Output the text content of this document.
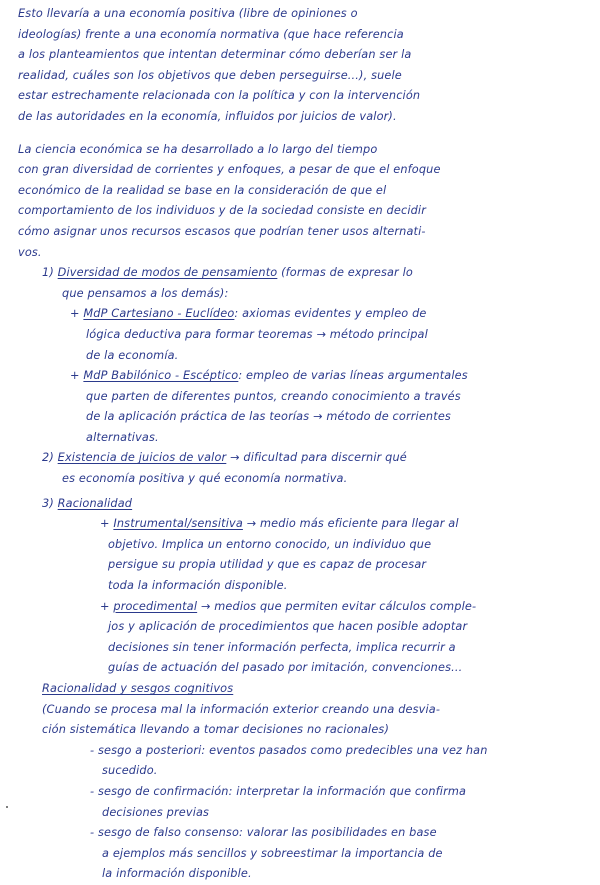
Esto llevaría a una economía positiva (libre de opiniones o
ideologías) frente a una economía normativa (que hace referencia
a los planteamientos que intentan determinar cómo deberían ser la
realidad, cuáles son los objetivos que deben perseguirse...), suele
estar estrechamente relacionada con la política y con la intervención
de las autoridades en la economía, influidos por juicios de valor).
La ciencia económica se ha desarrollado a lo largo del tiempo
con gran diversidad de corrientes y enfoques, a pesar de que el enfoque
económico de la realidad se base en la consideración de que el
comportamiento de los individuos y de la sociedad consiste en decidir
cómo asignar unos recursos escasos que podrían tener usos alternati-
vos.
1) Diversidad de modos de pensamiento (formas de expresar lo
que pensamos a los demás):
+ MdP Cartesiano - Euclídeo: axiomas evidentes y empleo de
lógica deductiva para formar teoremas → método principal
de la economía.
+ MdP Babilónico - Escéptico: empleo de varias líneas argumentales
que parten de diferentes puntos, creando conocimiento a través
de la aplicación práctica de las teorías → método de corrientes
alternativas.
2) Existencia de juicios de valor → dificultad para discernir qué
es economía positiva y qué economía normativa.
3) Racionalidad
+ Instrumental/sensitiva → medio más eficiente para llegar al
objetivo. Implica un entorno conocido, un individuo que
persigue su propia utilidad y que es capaz de procesar
toda la información disponible.
+ procedimental → medios que permiten evitar cálculos comple-
jos y aplicación de procedimientos que hacen posible adoptar
decisiones sin tener información perfecta, implica recurrir a
guías de actuación del pasado por imitación, convenciones...
Racionalidad y sesgos cognitivos
(Cuando se procesa mal la información exterior creando una desvia-
ción sistemática llevando a tomar decisiones no racionales)
- sesgo a posteriori: eventos pasados como predecibles una vez han
sucedido.
- sesgo de confirmación: interpretar la información que confirma
decisiones previas
- sesgo de falso consenso: valorar las posibilidades en base
a ejemplos más sencillos y sobreestimar la importancia de
la información disponible.
